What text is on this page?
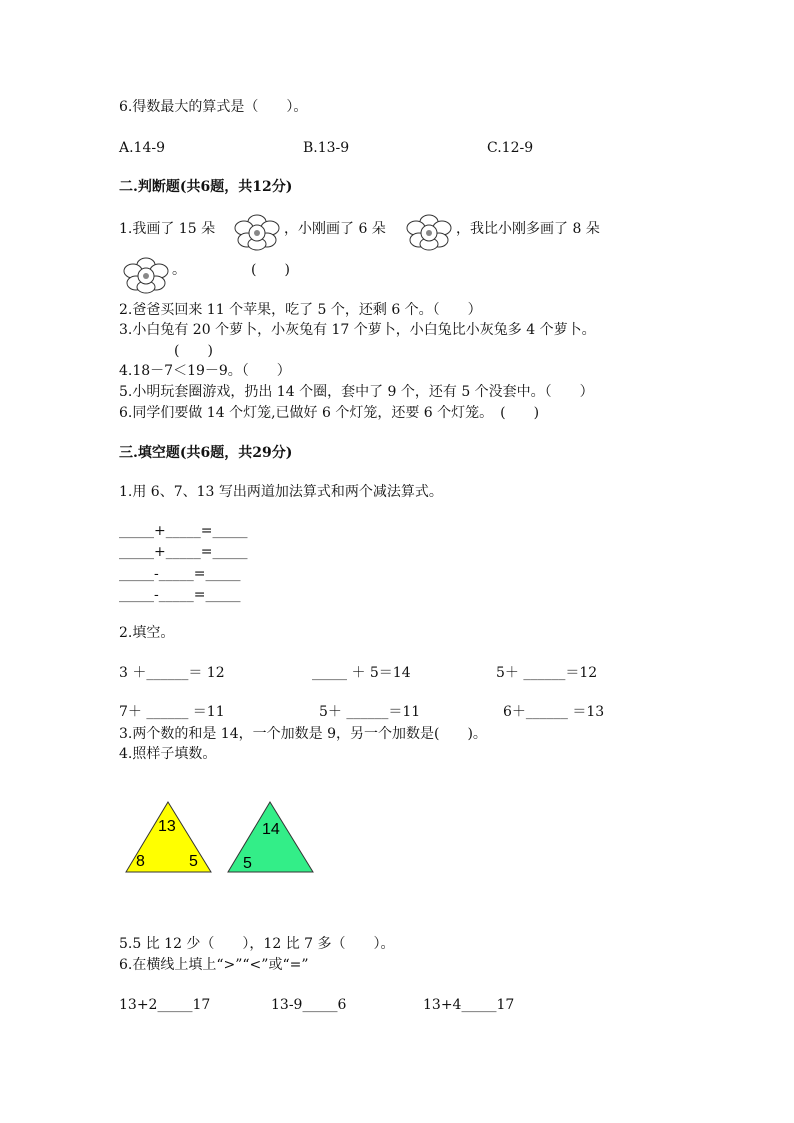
6.得数最大的算式是（　　）。
A.14-9	B.13-9	C.12-9
二.判断题(共6题，共12分)
1.我画了 15 朵	，小刚画了 6 朵	，我比小刚多画了 8 朵
。	(　　)
2.爸爸买回来 11 个苹果，吃了 5 个，还剩 6 个。（　　）
3.小白兔有 20 个萝卜，小灰兔有 17 个萝卜，小白兔比小灰兔多 4 个萝卜。
(　　)
4.18－7＜19－9。（　　）
5.小明玩套圈游戏，扔出 14 个圈，套中了 9 个，还有 5 个没套中。（　　）
6.同学们要做 14 个灯笼,已做好 6 个灯笼，还要 6 个灯笼。　(　　)
三.填空题(共6题，共29分)
1.用 6、7、13 写出两道加法算式和两个减法算式。
_____+_____=_____
_____+_____=_____
_____-_____=_____
_____-_____=_____
2.填空。
3 ＋______＝ 12	_____ ＋ 5＝14	5＋ ______＝12
7＋ ______ ＝11	5＋ ______＝11	6＋______ ＝13
3.两个数的和是 14，一个加数是 9，另一个加数是(　　)。
4.照样子填数。
13
8	5
14
5
5.5 比 12 少（　　），12 比 7 多（　　）。
6.在横线上填上“>”“<”或“=”
13+2_____17	13-9_____6	13+4_____17
